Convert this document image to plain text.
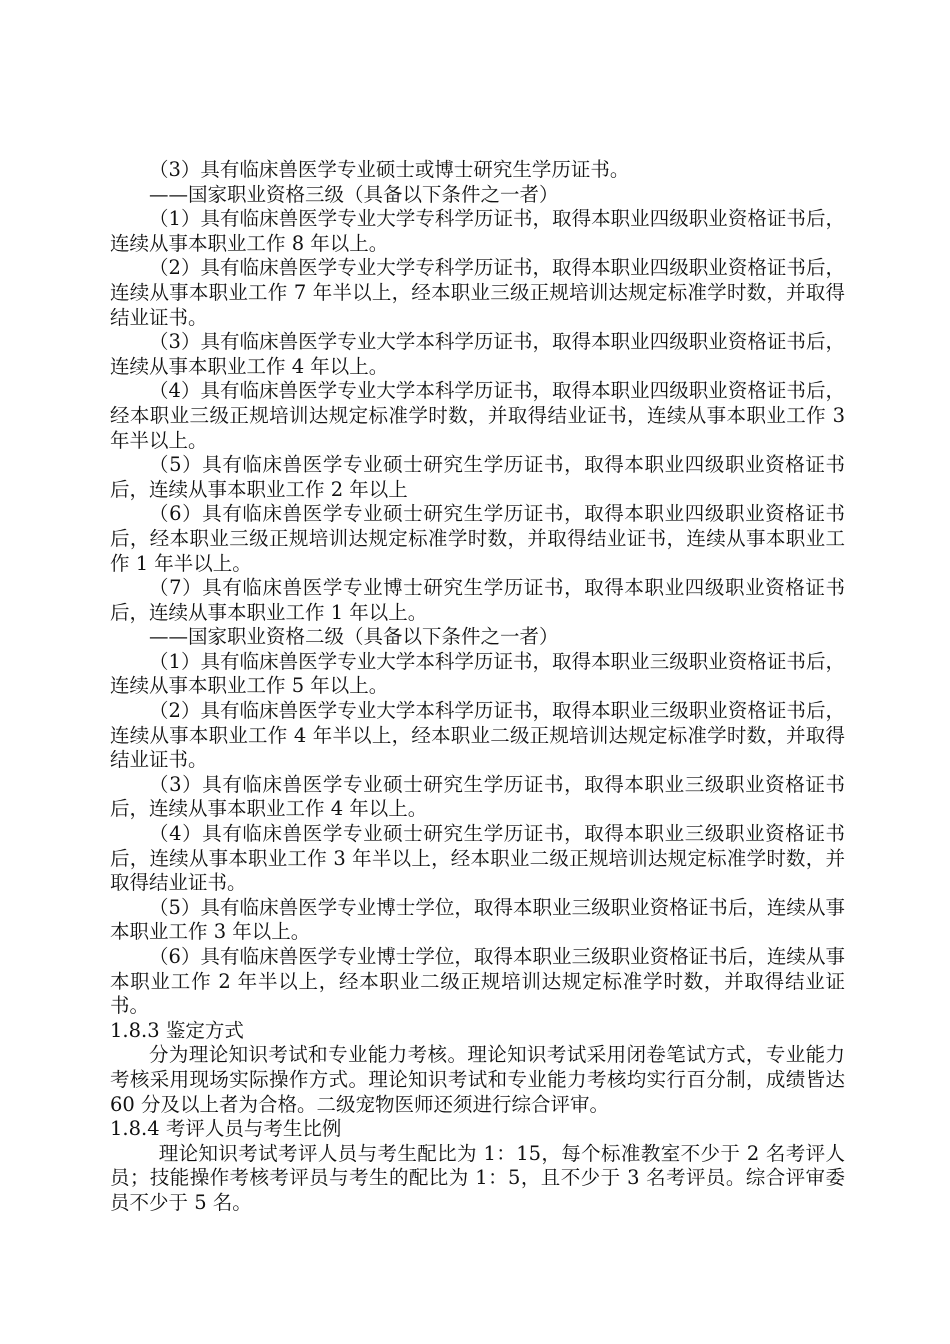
（3）具有临床兽医学专业硕士或博士研究生学历证书。

——国家职业资格三级（具备以下条件之一者）

（1）具有临床兽医学专业大学专科学历证书，取得本职业四级职业资格证书后，连续从事本职业工作 8 年以上。

（2）具有临床兽医学专业大学专科学历证书，取得本职业四级职业资格证书后，连续从事本职业工作 7 年半以上，经本职业三级正规培训达规定标准学时数，并取得结业证书。

（3）具有临床兽医学专业大学本科学历证书，取得本职业四级职业资格证书后，连续从事本职业工作 4 年以上。

（4）具有临床兽医学专业大学本科学历证书，取得本职业四级职业资格证书后，经本职业三级正规培训达规定标准学时数，并取得结业证书，连续从事本职业工作 3 年半以上。

（5）具有临床兽医学专业硕士研究生学历证书，取得本职业四级职业资格证书后，连续从事本职业工作 2 年以上

（6）具有临床兽医学专业硕士研究生学历证书，取得本职业四级职业资格证书后，经本职业三级正规培训达规定标准学时数，并取得结业证书，连续从事本职业工作 1 年半以上。

（7）具有临床兽医学专业博士研究生学历证书，取得本职业四级职业资格证书后，连续从事本职业工作 1 年以上。

——国家职业资格二级（具备以下条件之一者）

（1）具有临床兽医学专业大学本科学历证书，取得本职业三级职业资格证书后，连续从事本职业工作 5 年以上。

（2）具有临床兽医学专业大学本科学历证书，取得本职业三级职业资格证书后，连续从事本职业工作 4 年半以上，经本职业二级正规培训达规定标准学时数，并取得结业证书。

（3）具有临床兽医学专业硕士研究生学历证书，取得本职业三级职业资格证书后，连续从事本职业工作 4 年以上。

（4）具有临床兽医学专业硕士研究生学历证书，取得本职业三级职业资格证书后，连续从事本职业工作 3 年半以上，经本职业二级正规培训达规定标准学时数，并取得结业证书。

（5）具有临床兽医学专业博士学位，取得本职业三级职业资格证书后，连续从事本职业工作 3 年以上。

（6）具有临床兽医学专业博士学位，取得本职业三级职业资格证书后，连续从事本职业工作 2 年半以上，经本职业二级正规培训达规定标准学时数，并取得结业证书。

1.8.3 鉴定方式

分为理论知识考试和专业能力考核。理论知识考试采用闭卷笔试方式，专业能力考核采用现场实际操作方式。理论知识考试和专业能力考核均实行百分制，成绩皆达 60 分及以上者为合格。二级宠物医师还须进行综合评审。

1.8.4 考评人员与考生比例

理论知识考试考评人员与考生配比为 1：15，每个标准教室不少于 2 名考评人员；技能操作考核考评员与考生的配比为 1：5，且不少于 3 名考评员。综合评审委员不少于 5 名。
